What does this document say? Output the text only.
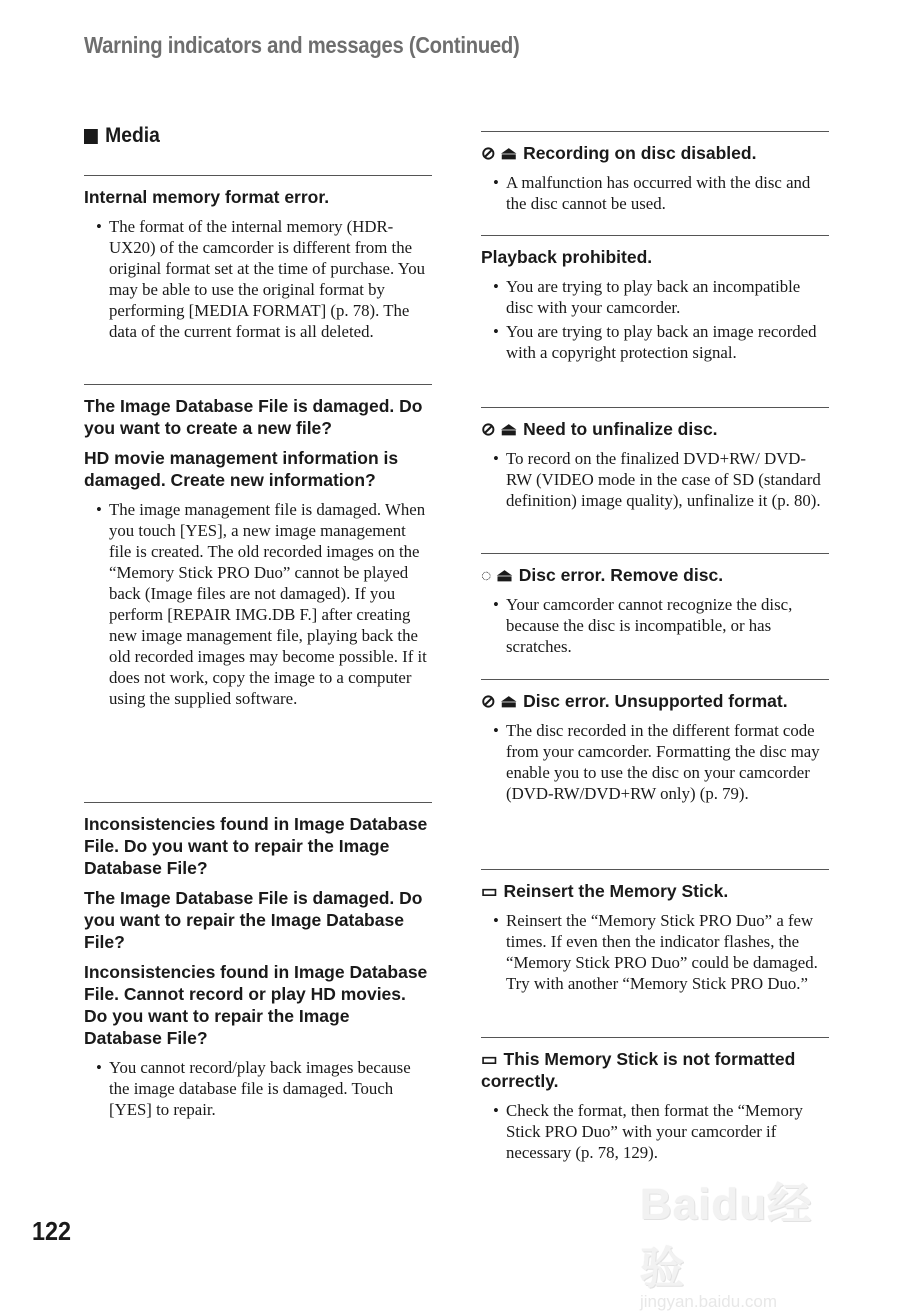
Warning indicators and messages (Continued)
Media
Internal memory format error.
• The format of the internal memory (HDR-UX20) of the camcorder is different from the original format set at the time of purchase. You may be able to use the original format by performing [MEDIA FORMAT] (p. 78). The data of the current format is all deleted.
The Image Database File is damaged. Do you want to create a new file?
HD movie management information is damaged. Create new information?
• The image management file is damaged. When you touch [YES], a new image management file is created. The old recorded images on the “Memory Stick PRO Duo” cannot be played back (Image files are not damaged). If you perform [REPAIR IMG.DB F.] after creating new image management file, playing back the old recorded images may become possible. If it does not work, copy the image to a computer using the supplied software.
Inconsistencies found in Image Database File. Do you want to repair the Image Database File?
The Image Database File is damaged. Do you want to repair the Image Database File?
Inconsistencies found in Image Database File. Cannot record or play HD movies. Do you want to repair the Image Database File?
• You cannot record/play back images because the image database file is damaged. Touch [YES] to repair.
⊘ ⏏ Recording on disc disabled.
• A malfunction has occurred with the disc and the disc cannot be used.
Playback prohibited.
• You are trying to play back an incompatible disc with your camcorder.
• You are trying to play back an image recorded with a copyright protection signal.
⊘ ⏏ Need to unfinalize disc.
• To record on the finalized DVD+RW/ DVD-RW (VIDEO mode in the case of SD (standard definition) image quality), unfinalize it (p. 80).
◌ ⏏ Disc error. Remove disc.
• Your camcorder cannot recognize the disc, because the disc is incompatible, or has scratches.
⊘ ⏏ Disc error. Unsupported format.
• The disc recorded in the different format code from your camcorder. Formatting the disc may enable you to use the disc on your camcorder (DVD-RW/DVD+RW only) (p. 79).
▭ Reinsert the Memory Stick.
• Reinsert the “Memory Stick PRO Duo” a few times. If even then the indicator flashes, the “Memory Stick PRO Duo” could be damaged. Try with another “Memory Stick PRO Duo.”
▭ This Memory Stick is not formatted correctly.
• Check the format, then format the “Memory Stick PRO Duo” with your camcorder if necessary (p. 78, 129).
122
Baidu经验
jingyan.baidu.com
